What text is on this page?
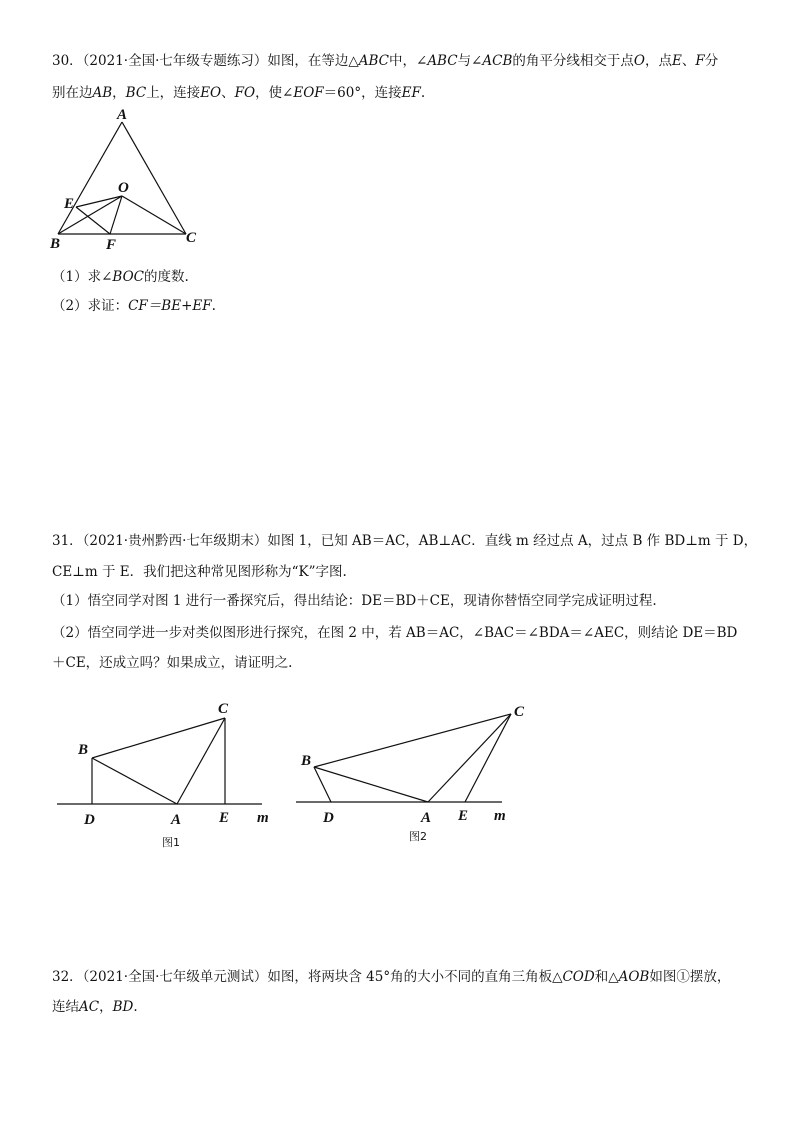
30．（2021·全国·七年级专题练习）如图，在等边△ABC中，∠ABC与∠ACB的角平分线相交于点O，点E、F分
别在边AB，BC上，连接EO、FO，使∠EOF＝60°，连接EF.
A
O
E
B	F	C
（1）求∠BOC的度数.
（2）求证：CF＝BE+EF.
31．（2021·贵州黔西·七年级期末）如图 1，已知 AB＝AC，AB⊥AC．直线 m 经过点 A，过点 B 作 BD⊥m 于 D，
CE⊥m 于 E．我们把这种常见图形称为“K”字图.
（1）悟空同学对图 1 进行一番探究后，得出结论：DE＝BD＋CE，现请你替悟空同学完成证明过程.
（2）悟空同学进一步对类似图形进行探究，在图 2 中，若 AB＝AC，∠BAC＝∠BDA＝∠AEC，则结论 DE＝BD
＋CE，还成立吗？如果成立，请证明之.
C
B
D	A	E m
图1
C
B
D	A E m
图2
32．（2021·全国·七年级单元测试）如图，将两块含 45°角的大小不同的直角三角板△COD和△AOB如图①摆放，
连结AC，BD.
